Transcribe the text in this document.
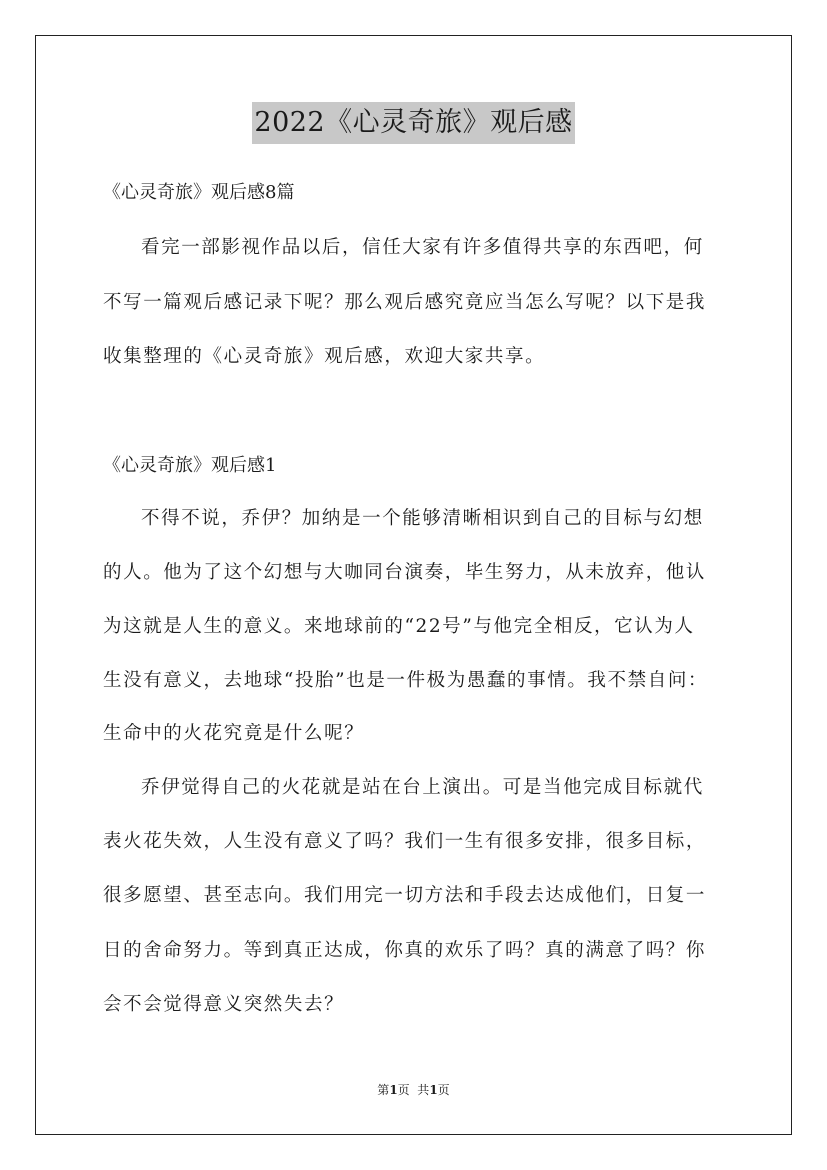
2022《心灵奇旅》观后感

《心灵奇旅》观后感8篇

看完一部影视作品以后，信任大家有许多值得共享的东西吧，何

不写一篇观后感记录下呢？那么观后感究竟应当怎么写呢？以下是我

收集整理的《心灵奇旅》观后感，欢迎大家共享。

《心灵奇旅》观后感1

不得不说，乔伊？加纳是一个能够清晰相识到自己的目标与幻想

的人。他为了这个幻想与大咖同台演奏，毕生努力，从未放弃，他认

为这就是人生的意义。来地球前的“22号”与他完全相反，它认为人

生没有意义，去地球“投胎”也是一件极为愚蠢的事情。我不禁自问：

生命中的火花究竟是什么呢？

乔伊觉得自己的火花就是站在台上演出。可是当他完成目标就代

表火花失效，人生没有意义了吗？我们一生有很多安排，很多目标，

很多愿望、甚至志向。我们用完一切方法和手段去达成他们，日复一

日的舍命努力。等到真正达成，你真的欢乐了吗？真的满意了吗？你

会不会觉得意义突然失去？

第1页  共1页
